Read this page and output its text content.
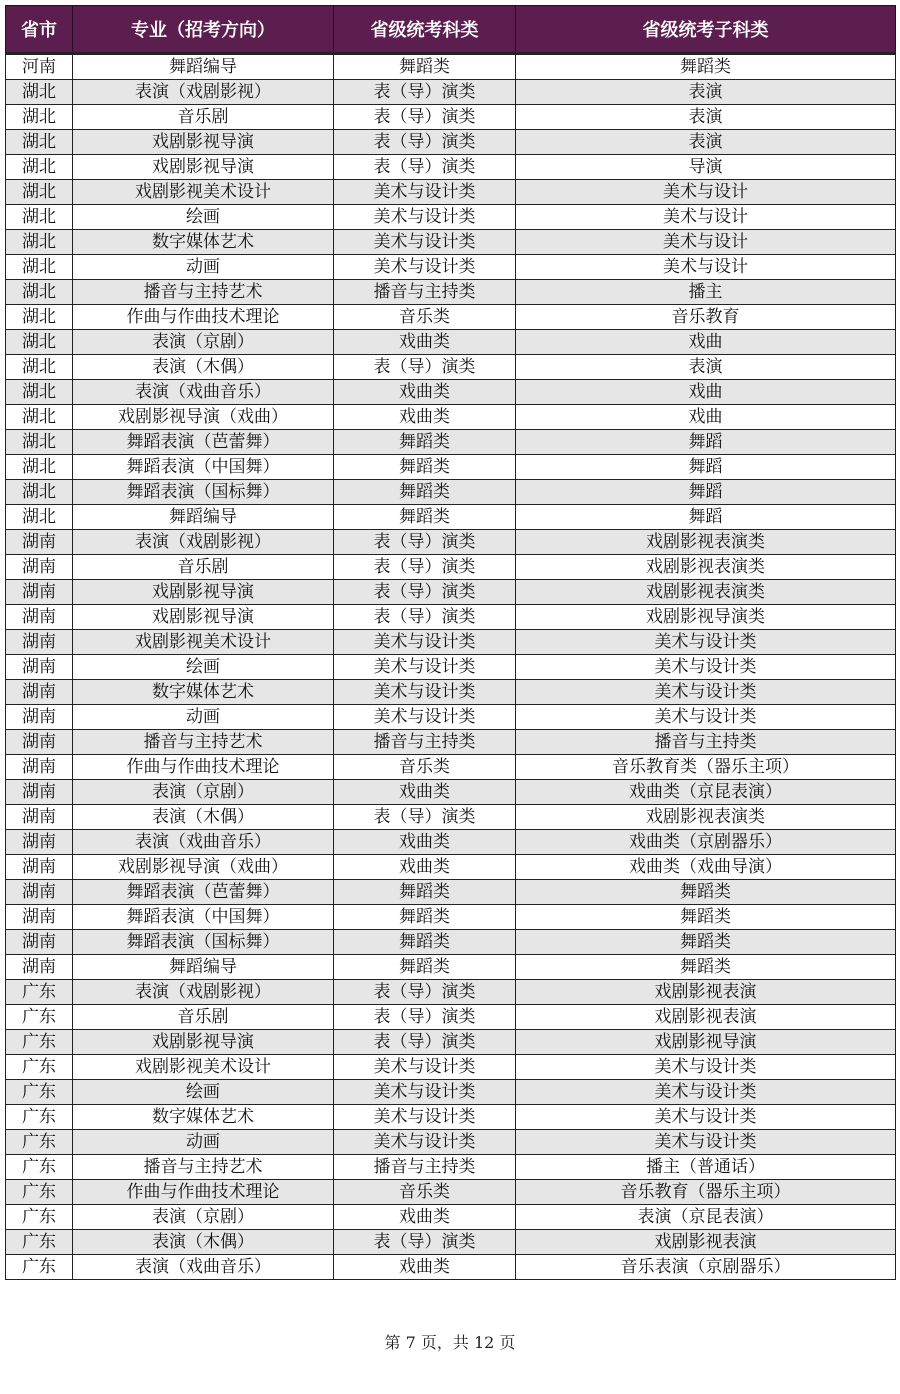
省市	专业（招考方向）	省级统考科类	省级统考子科类
河南	舞蹈编导	舞蹈类	舞蹈类
湖北	表演（戏剧影视）	表（导）演类	表演
湖北	音乐剧	表（导）演类	表演
湖北	戏剧影视导演	表（导）演类	表演
湖北	戏剧影视导演	表（导）演类	导演
湖北	戏剧影视美术设计	美术与设计类	美术与设计
湖北	绘画	美术与设计类	美术与设计
湖北	数字媒体艺术	美术与设计类	美术与设计
湖北	动画	美术与设计类	美术与设计
湖北	播音与主持艺术	播音与主持类	播主
湖北	作曲与作曲技术理论	音乐类	音乐教育
湖北	表演（京剧）	戏曲类	戏曲
湖北	表演（木偶）	表（导）演类	表演
湖北	表演（戏曲音乐）	戏曲类	戏曲
湖北	戏剧影视导演（戏曲）	戏曲类	戏曲
湖北	舞蹈表演（芭蕾舞）	舞蹈类	舞蹈
湖北	舞蹈表演（中国舞）	舞蹈类	舞蹈
湖北	舞蹈表演（国标舞）	舞蹈类	舞蹈
湖北	舞蹈编导	舞蹈类	舞蹈
湖南	表演（戏剧影视）	表（导）演类	戏剧影视表演类
湖南	音乐剧	表（导）演类	戏剧影视表演类
湖南	戏剧影视导演	表（导）演类	戏剧影视表演类
湖南	戏剧影视导演	表（导）演类	戏剧影视导演类
湖南	戏剧影视美术设计	美术与设计类	美术与设计类
湖南	绘画	美术与设计类	美术与设计类
湖南	数字媒体艺术	美术与设计类	美术与设计类
湖南	动画	美术与设计类	美术与设计类
湖南	播音与主持艺术	播音与主持类	播音与主持类
湖南	作曲与作曲技术理论	音乐类	音乐教育类（器乐主项）
湖南	表演（京剧）	戏曲类	戏曲类（京昆表演）
湖南	表演（木偶）	表（导）演类	戏剧影视表演类
湖南	表演（戏曲音乐）	戏曲类	戏曲类（京剧器乐）
湖南	戏剧影视导演（戏曲）	戏曲类	戏曲类（戏曲导演）
湖南	舞蹈表演（芭蕾舞）	舞蹈类	舞蹈类
湖南	舞蹈表演（中国舞）	舞蹈类	舞蹈类
湖南	舞蹈表演（国标舞）	舞蹈类	舞蹈类
湖南	舞蹈编导	舞蹈类	舞蹈类
广东	表演（戏剧影视）	表（导）演类	戏剧影视表演
广东	音乐剧	表（导）演类	戏剧影视表演
广东	戏剧影视导演	表（导）演类	戏剧影视导演
广东	戏剧影视美术设计	美术与设计类	美术与设计类
广东	绘画	美术与设计类	美术与设计类
广东	数字媒体艺术	美术与设计类	美术与设计类
广东	动画	美术与设计类	美术与设计类
广东	播音与主持艺术	播音与主持类	播主（普通话）
广东	作曲与作曲技术理论	音乐类	音乐教育（器乐主项）
广东	表演（京剧）	戏曲类	表演（京昆表演）
广东	表演（木偶）	表（导）演类	戏剧影视表演
广东	表演（戏曲音乐）	戏曲类	音乐表演（京剧器乐）
第 7 页，共 12 页
